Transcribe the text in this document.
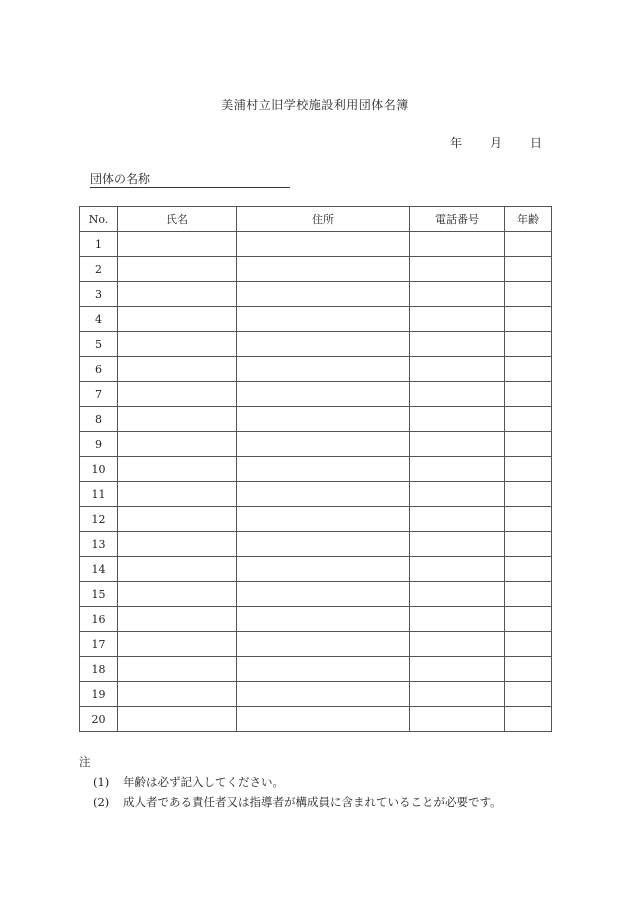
美浦村立旧学校施設利用団体名簿
年 月 日
団体の名称
No.	氏名	住所	電話番号	年齢
1				
2				
3				
4				
5				
6				
7				
8				
9				
10				
11				
12				
13				
14				
15				
16				
17				
18				
19				
20				
注
(1)	年齢は必ず記入してください。
(2)	成人者である責任者又は指導者が構成員に含まれていることが必要です。
